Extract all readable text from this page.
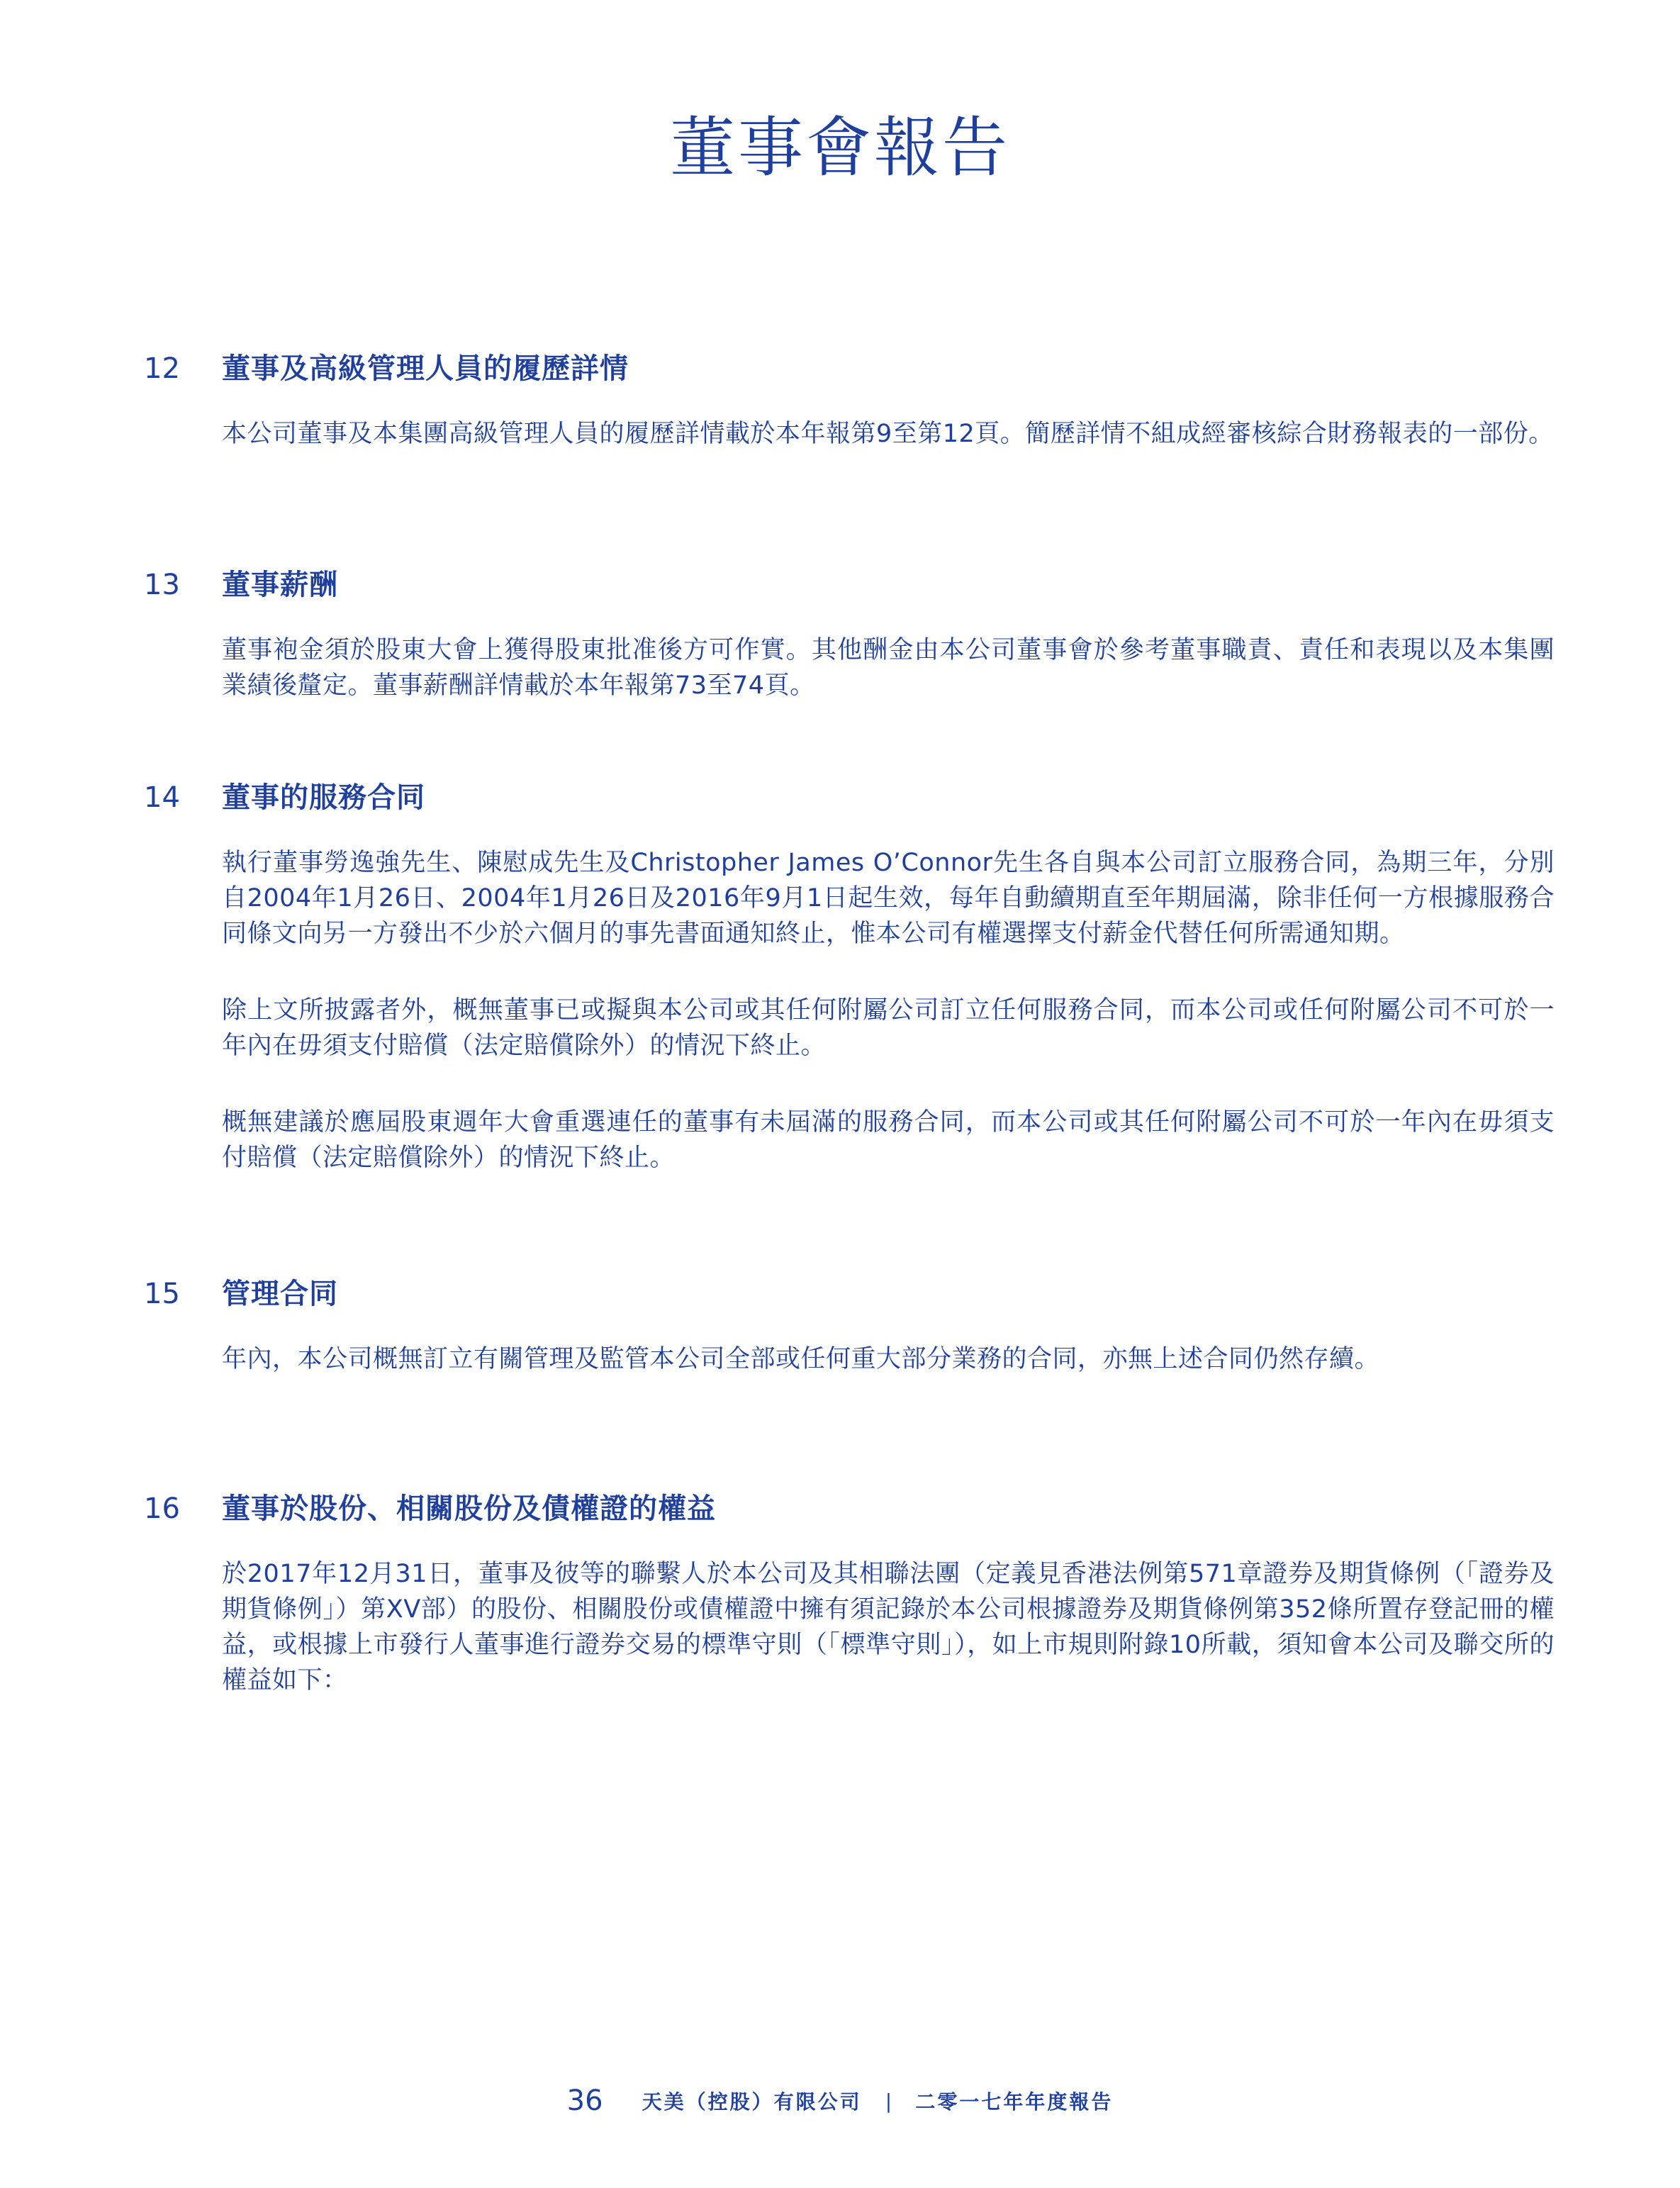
董事會報告
12 董事及高級管理人員的履歷詳情

本公司董事及本集團高級管理人員的履歷詳情載於本年報第9至第12頁。簡歷詳情不組成經審核綜合財務報表的一部份。

13 董事薪酬

董事袍金須於股東大會上獲得股東批准後方可作實。其他酬金由本公司董事會於參考董事職責、責任和表現以及本集團業績後釐定。董事薪酬詳情載於本年報第73至74頁。

14 董事的服務合同

執行董事勞逸強先生、陳慰成先生及Christopher James O’Connor先生各自與本公司訂立服務合同，為期三年，分別自2004年1月26日、2004年1月26日及2016年9月1日起生效，每年自動續期直至年期屆滿，除非任何一方根據服務合同條文向另一方發出不少於六個月的事先書面通知終止，惟本公司有權選擇支付薪金代替任何所需通知期。

除上文所披露者外，概無董事已或擬與本公司或其任何附屬公司訂立任何服務合同，而本公司或任何附屬公司不可於一年內在毋須支付賠償（法定賠償除外）的情況下終止。

概無建議於應屆股東週年大會重選連任的董事有未屆滿的服務合同，而本公司或其任何附屬公司不可於一年內在毋須支付賠償（法定賠償除外）的情況下終止。

15 管理合同

年內，本公司概無訂立有關管理及監管本公司全部或任何重大部分業務的合同，亦無上述合同仍然存續。

16 董事於股份、相關股份及債權證的權益

於2017年12月31日，董事及彼等的聯繫人於本公司及其相聯法團（定義見香港法例第571章證券及期貨條例（「證券及期貨條例」）第XV部）的股份、相關股份或債權證中擁有須記錄於本公司根據證券及期貨條例第352條所置存登記冊的權益，或根據上市發行人董事進行證券交易的標準守則（「標準守則」），如上市規則附錄10所載，須知會本公司及聯交所的權益如下：

36 天美（控股）有限公司 | 二零一七年年度報告
